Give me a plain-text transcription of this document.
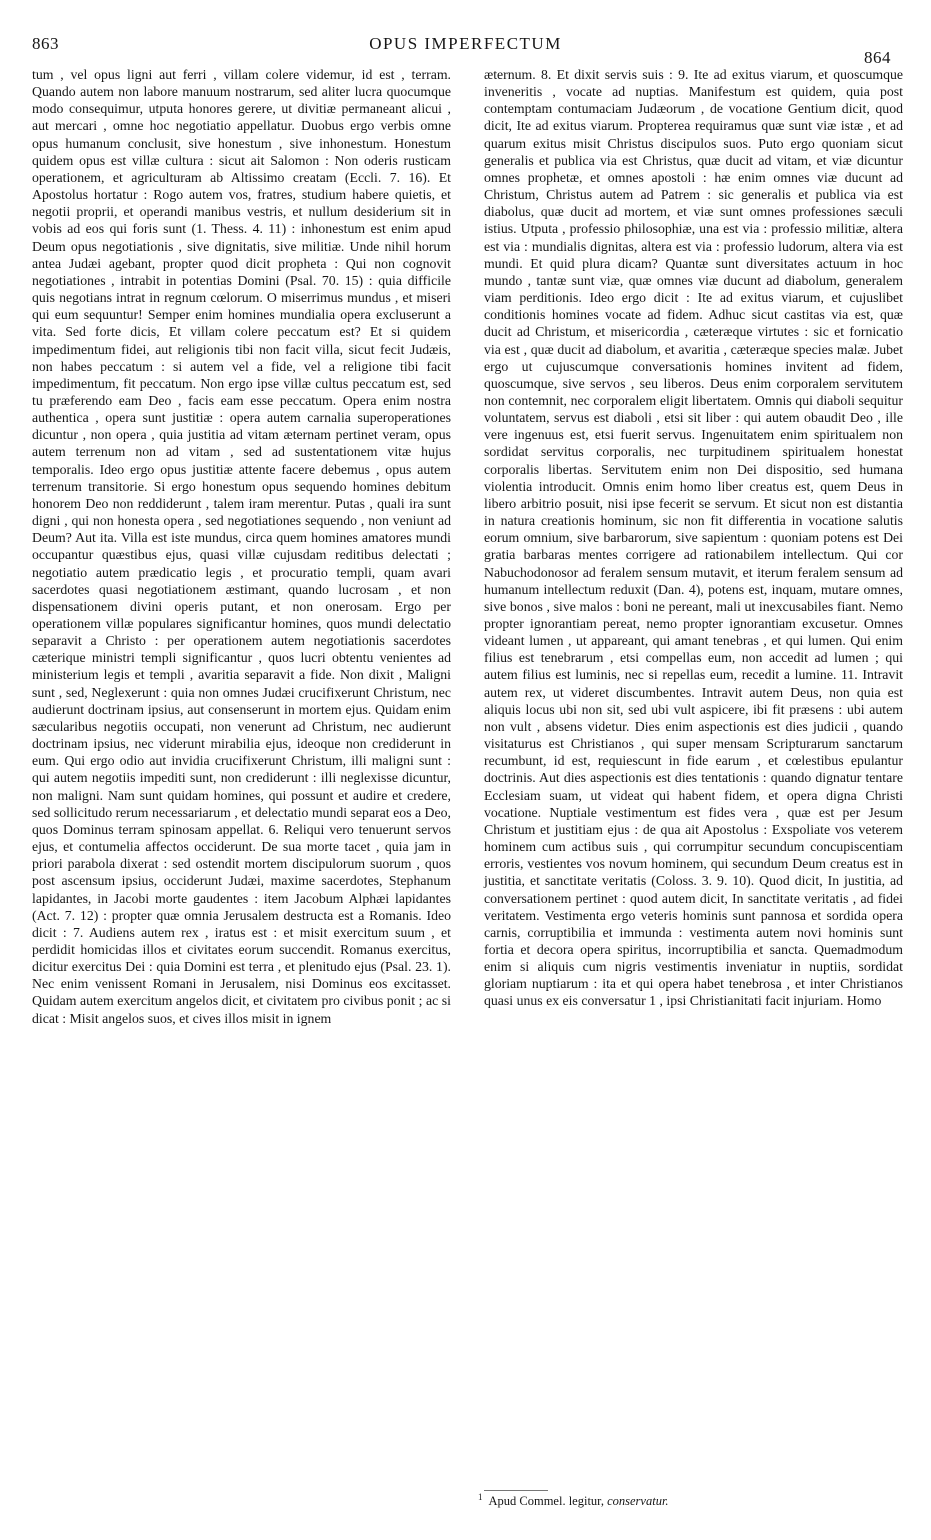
863	OPUS IMPERFECTUM
864

tum , vel opus ligni aut ferri , villam colere videmur, id est , terram. Quando autem non labore manuum nostrarum, sed aliter lucra quocumque modo consequimur, utputa honores gerere, ut divitiæ permaneant alicui , aut mercari , omne hoc negotiatio appellatur. Duobus ergo verbis omne opus humanum conclusit, sive honestum , sive inhonestum. Honestum quidem opus est villæ cultura : sicut ait Salomon : Non oderis rusticam operationem, et agriculturam ab Altissimo creatam (Eccli. 7. 16). Et Apostolus hortatur : Rogo autem vos, fratres, studium habere quietis, et negotii proprii, et operandi manibus vestris, et nullum desiderium sit in vobis ad eos qui foris sunt (1. Thess. 4. 11) : inhonestum est enim apud Deum opus negotiationis , sive dignitatis, sive militiæ. Unde nihil horum antea Judæi agebant, propter quod dicit propheta : Qui non cognovit negotiationes , intrabit in potentias Domini (Psal. 70. 15) : quia difficile quis negotians intrat in regnum cœlorum. O miserrimus mundus , et miseri qui eum sequuntur! Semper enim homines mundialia opera excluserunt a vita. Sed forte dicis, Et villam colere peccatum est? Et si quidem impedimentum fidei, aut religionis tibi non facit villa, sicut fecit Judæis, non habes peccatum : si autem vel a fide, vel a religione tibi facit impedimentum, fit peccatum. Non ergo ipse villæ cultus peccatum est, sed tu præferendo eam Deo , facis eam esse peccatum. Opera enim nostra authentica , opera sunt justitiæ : opera autem carnalia superoperationes dicuntur , non opera , quia justitia ad vitam æternam pertinet veram, opus autem terrenum non ad vitam , sed ad sustentationem vitæ hujus temporalis. Ideo ergo opus justitiæ attente facere debemus , opus autem terrenum transitorie. Si ergo honestum opus sequendo homines debitum honorem Deo non reddiderunt , talem iram merentur. Putas , quali ira sunt digni , qui non honesta opera , sed negotiationes sequendo , non veniunt ad Deum? Aut ita. Villa est iste mundus, circa quem homines amatores mundi occupantur quæstibus ejus, quasi villæ cujusdam reditibus delectati ; negotiatio autem prædicatio legis , et procuratio templi, quam avari sacerdotes quasi negotiationem æstimant, quando lucrosam , et non dispensationem divini operis putant, et non onerosam. Ergo per operationem villæ populares significantur homines, quos mundi delectatio separavit a Christo : per operationem autem negotiationis sacerdotes cæterique ministri templi significantur , quos lucri obtentu venientes ad ministerium legis et templi , avaritia separavit a fide. Non dixit , Maligni sunt , sed, Neglexerunt : quia non omnes Judæi crucifixerunt Christum, nec audierunt doctrinam ipsius, aut consenserunt in mortem ejus. Quidam enim sæcularibus negotiis occupati, non venerunt ad Christum, nec audierunt doctrinam ipsius, nec viderunt mirabilia ejus, ideoque non crediderunt in eum. Qui ergo odio aut invidia crucifixerunt Christum, illi maligni sunt : qui autem negotiis impediti sunt, non crediderunt : illi neglexisse dicuntur, non maligni. Nam sunt quidam homines, qui possunt et audire et credere, sed sollicitudo rerum necessariarum , et delectatio mundi separat eos a Deo, quos Dominus terram spinosam appellat. 6. Reliqui vero tenuerunt servos ejus, et contumelia affectos occiderunt. De sua morte tacet , quia jam in priori parabola dixerat : sed ostendit mortem discipulorum suorum , quos post ascensum ipsius, occiderunt Judæi, maxime sacerdotes, Stephanum lapidantes, in Jacobi morte gaudentes : item Jacobum Alphæi lapidantes (Act. 7. 12) : propter quæ omnia Jerusalem destructa est a Romanis. Ideo dicit : 7. Audiens autem rex , iratus est : et misit exercitum suum , et perdidit homicidas illos et civitates eorum succendit. Romanus exercitus, dicitur exercitus Dei : quia Domini est terra , et plenitudo ejus (Psal. 23. 1). Nec enim venissent Romani in Jerusalem, nisi Dominus eos excitasset. Quidam autem exercitum angelos dicit, et civitatem pro civibus ponit ; ac si dicat : Misit angelos suos, et cives illos misit in ignem

æternum. 8. Et dixit servis suis : 9. Ite ad exitus viarum, et quoscumque inveneritis , vocate ad nuptias. Manifestum est quidem, quia post contemptam contumaciam Judæorum , de vocatione Gentium dicit, quod dicit, Ite ad exitus viarum. Propterea requiramus quæ sunt viæ istæ , et ad quarum exitus misit Christus discipulos suos. Puto ergo quoniam sicut generalis et publica via est Christus, quæ ducit ad vitam, et viæ dicuntur omnes prophetæ, et omnes apostoli : hæ enim omnes viæ ducunt ad Christum, Christus autem ad Patrem : sic generalis et publica via est diabolus, quæ ducit ad mortem, et viæ sunt omnes professiones sæculi istius. Utputa , professio philosophiæ, una est via : professio militiæ, altera est via : mundialis dignitas, altera est via : professio ludorum, altera via est mundi. Et quid plura dicam? Quantæ sunt diversitates actuum in hoc mundo , tantæ sunt viæ, quæ omnes viæ ducunt ad diabolum, generalem viam perditionis. Ideo ergo dicit : Ite ad exitus viarum, et cujuslibet conditionis homines vocate ad fidem. Adhuc sicut castitas via est, quæ ducit ad Christum, et misericordia , cæteræque virtutes : sic et fornicatio via est , quæ ducit ad diabolum, et avaritia , cæteræque species malæ. Jubet ergo ut cujuscumque conversationis homines invitent ad fidem, quoscumque, sive servos , seu liberos. Deus enim corporalem servitutem non contemnit, nec corporalem eligit libertatem. Omnis qui diaboli sequitur voluntatem, servus est diaboli , etsi sit liber : qui autem obaudit Deo , ille vere ingenuus est, etsi fuerit servus. Ingenuitatem enim spiritualem non sordidat servitus corporalis, nec turpitudinem spiritualem honestat corporalis libertas. Servitutem enim non Dei dispositio, sed humana violentia introducit. Omnis enim homo liber creatus est, quem Deus in libero arbitrio posuit, nisi ipse fecerit se servum. Et sicut non est distantia in natura creationis hominum, sic non fit differentia in vocatione salutis eorum omnium, sive barbarorum, sive sapientum : quoniam potens est Dei gratia barbaras mentes corrigere ad rationabilem intellectum. Qui cor Nabuchodonosor ad feralem sensum mutavit, et iterum feralem sensum ad humanum intellectum reduxit (Dan. 4), potens est, inquam, mutare omnes, sive bonos , sive malos : boni ne pereant, mali ut inexcusabiles fiant. Nemo propter ignorantiam pereat, nemo propter ignorantiam excusetur. Omnes videant lumen , ut appareant, qui amant tenebras , et qui lumen. Qui enim filius est tenebrarum , etsi compellas eum, non accedit ad lumen ; qui autem filius est luminis, nec si repellas eum, recedit a lumine. 11. Intravit autem rex, ut videret discumbentes. Intravit autem Deus, non quia est aliquis locus ubi non sit, sed ubi vult aspicere, ibi fit præsens : ubi autem non vult , absens videtur. Dies enim aspectionis est dies judicii , quando visitaturus est Christianos , qui super mensam Scripturarum sanctarum recumbunt, id est, requiescunt in fide earum , et cœlestibus epulantur doctrinis. Aut dies aspectionis est dies tentationis : quando dignatur tentare Ecclesiam suam, ut videat qui habent fidem, et opera digna Christi vocatione. Nuptiale vestimentum est fides vera , quæ est per Jesum Christum et justitiam ejus : de qua ait Apostolus : Exspoliate vos veterem hominem cum actibus suis , qui corrumpitur secundum concupiscentiam erroris, vestientes vos novum hominem, qui secundum Deum creatus est in justitia, et sanctitate veritatis (Coloss. 3. 9. 10). Quod dicit, In justitia, ad conversationem pertinet : quod autem dicit, In sanctitate veritatis , ad fidei veritatem. Vestimenta ergo veteris hominis sunt pannosa et sordida opera carnis, corruptibilia et immunda : vestimenta autem novi hominis sunt fortia et decora opera spiritus, incorruptibilia et sancta. Quemadmodum enim si aliquis cum nigris vestimentis inveniatur in nuptiis, sordidat gloriam nuptiarum : ita et qui opera habet tenebrosa , et inter Christianos quasi unus ex eis conversatur 1 , ipsi Christianitati facit injuriam. Homo

$^1$ Apud Commel. legitur, conservatur.
